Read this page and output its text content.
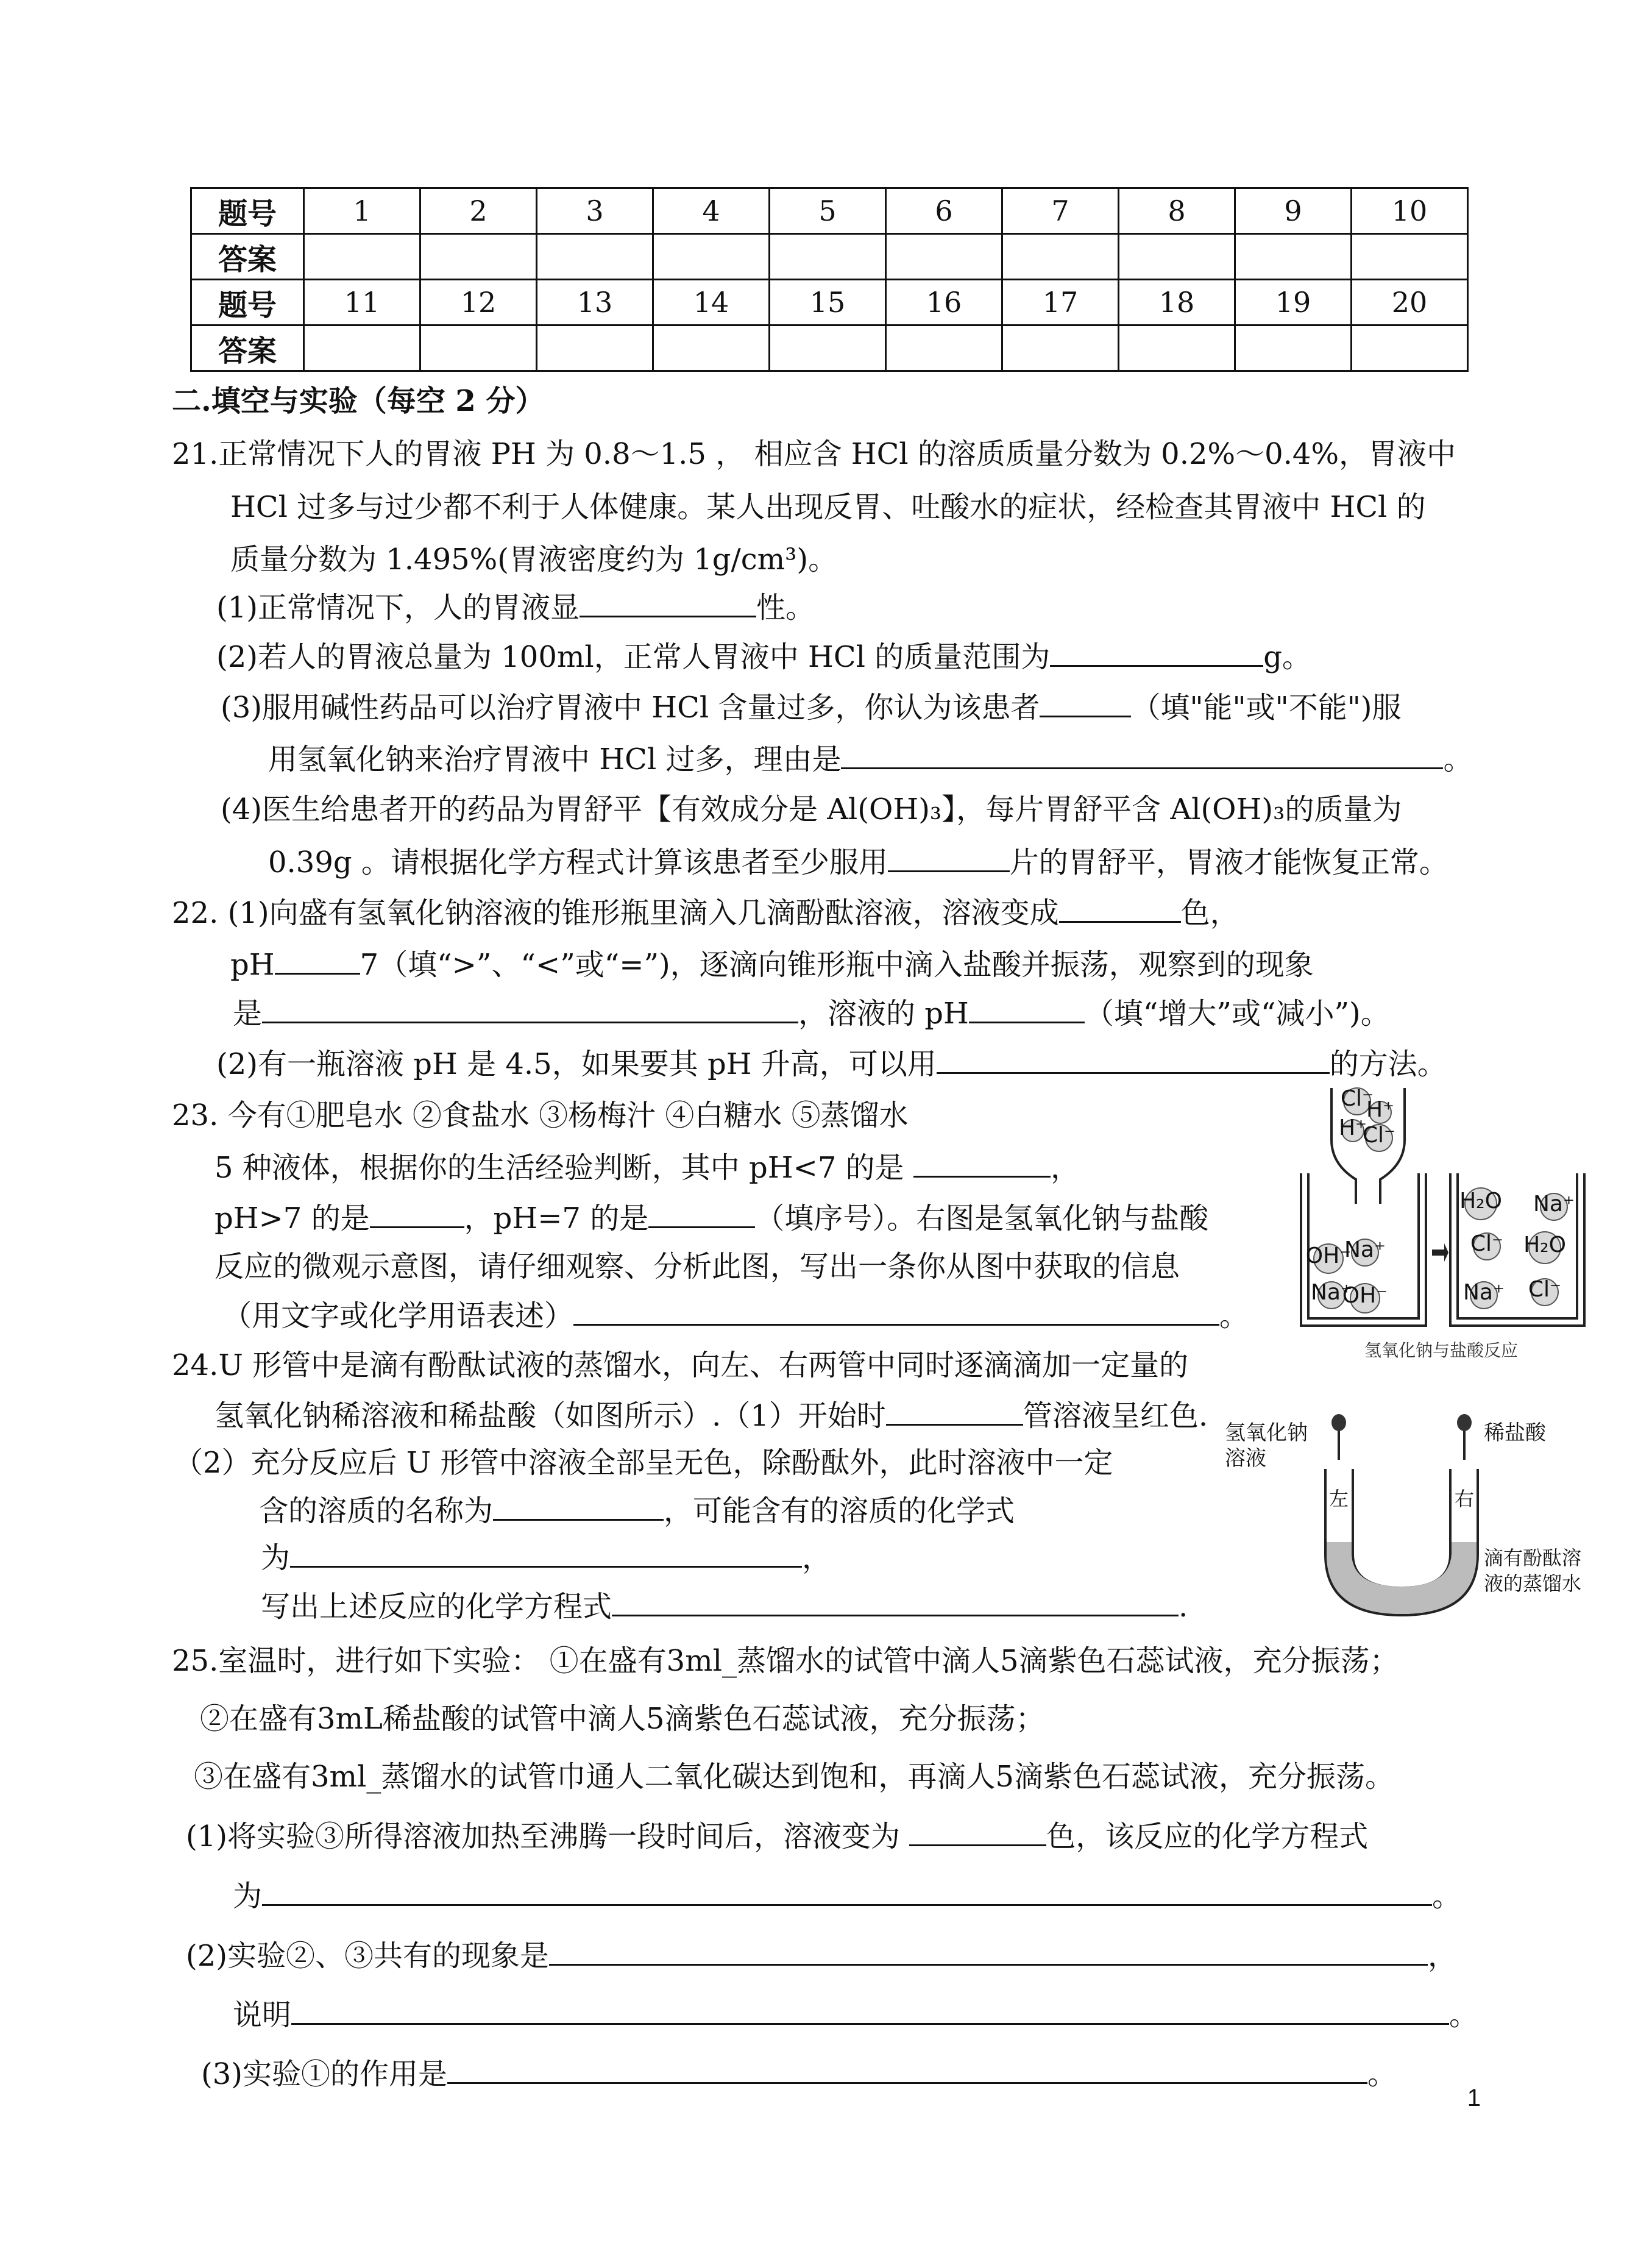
题号	1	2	3	4	5	6	7	8	9	10
答案										
题号	11	12	13	14	15	16	17	18	19	20
答案										
二.填空与实验（每空 2 分）
21.正常情况下人的胃液 PH 为 0.8～1.5 ， 相应含 HCl 的溶质质量分数为 0.2%～0.4%，胃液中
HCl 过多与过少都不利于人体健康。某人出现反胃、吐酸水的症状，经检查其胃液中 HCl 的
质量分数为 1.495%(胃液密度约为 1g/cm³)。
(1)正常情况下，人的胃液显	性。
(2)若人的胃液总量为 100ml，正常人胃液中 HCl 的质量范围为	g。
(3)服用碱性药品可以治疗胃液中 HCl 含量过多，你认为该患者	（填"能"或"不能")服
用氢氧化钠来治疗胃液中 HCl 过多，理由是	。
(4)医生给患者开的药品为胃舒平【有效成分是 Al(OH)₃】，每片胃舒平含 Al(OH)₃的质量为
0.39g 。请根据化学方程式计算该患者至少服用	片的胃舒平，胃液才能恢复正常。
22. (1)向盛有氢氧化钠溶液的锥形瓶里滴入几滴酚酞溶液，溶液变成	色，
pH	7（填“>”、“<”或“=”)，逐滴向锥形瓶中滴入盐酸并振荡，观察到的现象
是	，溶液的 pH	（填“增大”或“减小”)。
(2)有一瓶溶液 pH 是 4.5，如果要其 pH 升高，可以用	的方法。
23. 今有①肥皂水 ②食盐水 ③杨梅汁 ④白糖水 ⑤蒸馏水
5 种液体，根据你的生活经验判断，其中 pH<7 的是	，
pH>7 的是	，pH=7 的是	（填序号）。右图是氢氧化钠与盐酸
反应的微观示意图，请仔细观察、分析此图，写出一条你从图中获取的信息
（用文字或化学用语表述）	。
Cl⁻
H⁺
H⁺
Cl⁻
OH⁻
Na⁺
Na⁺
OH⁻
H₂O Na⁺
Cl⁻ H₂O
Na⁺ Cl⁻
氢氧化钠与盐酸反应
24.U 形管中是滴有酚酞试液的蒸馏水，向左、右两管中同时逐滴滴加一定量的
氢氧化钠稀溶液和稀盐酸（如图所示）.（1）开始时	管溶液呈红色.
（2）充分反应后 U 形管中溶液全部呈无色，除酚酞外，此时溶液中一定
含的溶质的名称为	，可能含有的溶质的化学式
为	，
写出上述反应的化学方程式	.
左	右
氢氧化钠溶液
稀盐酸
滴有酚酞溶液的蒸馏水
25.室温时，进行如下实验： ①在盛有3ml_蒸馏水的试管中滴人5滴紫色石蕊试液，充分振荡；
②在盛有3mL稀盐酸的试管中滴人5滴紫色石蕊试液，充分振荡；
③在盛有3ml_蒸馏水的试管巾通人二氧化碳达到饱和，再滴人5滴紫色石蕊试液，充分振荡。
(1)将实验③所得溶液加热至沸腾一段时间后，溶液变为	色，该反应的化学方程式
为	。
(2)实验②、③共有的现象是	，
说明	。
(3)实验①的作用是	。
1
